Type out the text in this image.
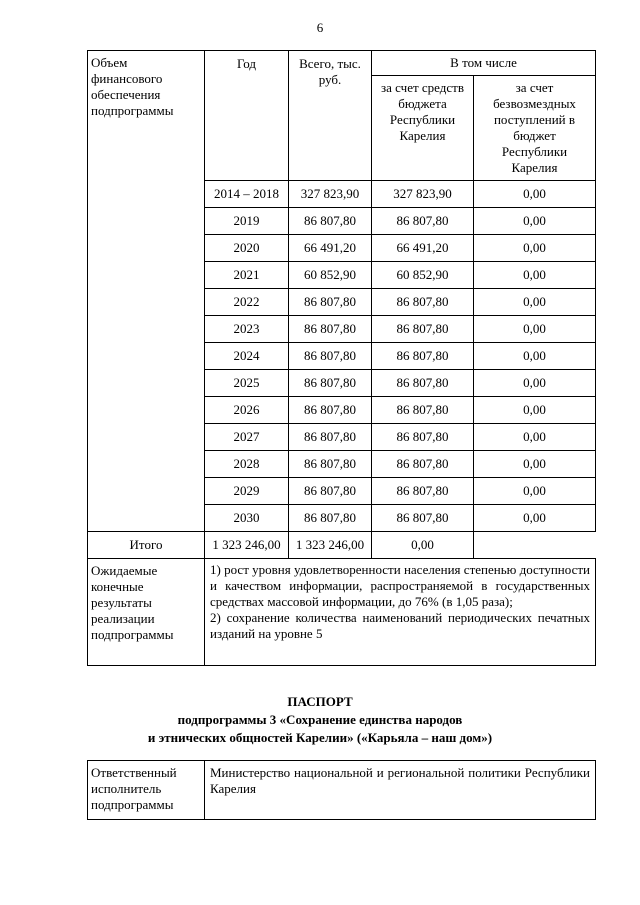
6
Объем финансового обеспечения подпрограммы	Год	Всего, тыс. руб.	В том числе	
			за счет средств бюджета Республики Карелия	за счет безвозмездных поступлений в бюджет Республики Карелия
	2014 – 2018	327 823,90	327 823,90	0,00
	2019	86 807,80	86 807,80	0,00
	2020	66 491,20	66 491,20	0,00
	2021	60 852,90	60 852,90	0,00
	2022	86 807,80	86 807,80	0,00
	2023	86 807,80	86 807,80	0,00
	2024	86 807,80	86 807,80	0,00
	2025	86 807,80	86 807,80	0,00
	2026	86 807,80	86 807,80	0,00
	2027	86 807,80	86 807,80	0,00
	2028	86 807,80	86 807,80	0,00
	2029	86 807,80	86 807,80	0,00
	2030	86 807,80	86 807,80	0,00
Итого	1 323 246,00	1 323 246,00	0,00	
Ожидаемые конечные результаты реализации подпрограммы	1) рост уровня удовлетворенности населения степенью доступности и качеством информации, распространяемой в государственных средствах массовой информации, до 76% (в 1,05 раза);
2) сохранение количества наименований периодических печатных изданий на уровне 5			
ПАСПОРТ
подпрограммы 3 «Сохранение единства народов
и этнических общностей Карелии» («Карьяла – наш дом»)
Ответственный исполнитель подпрограммы	Министерство национальной и региональной политики Республики Карелия
